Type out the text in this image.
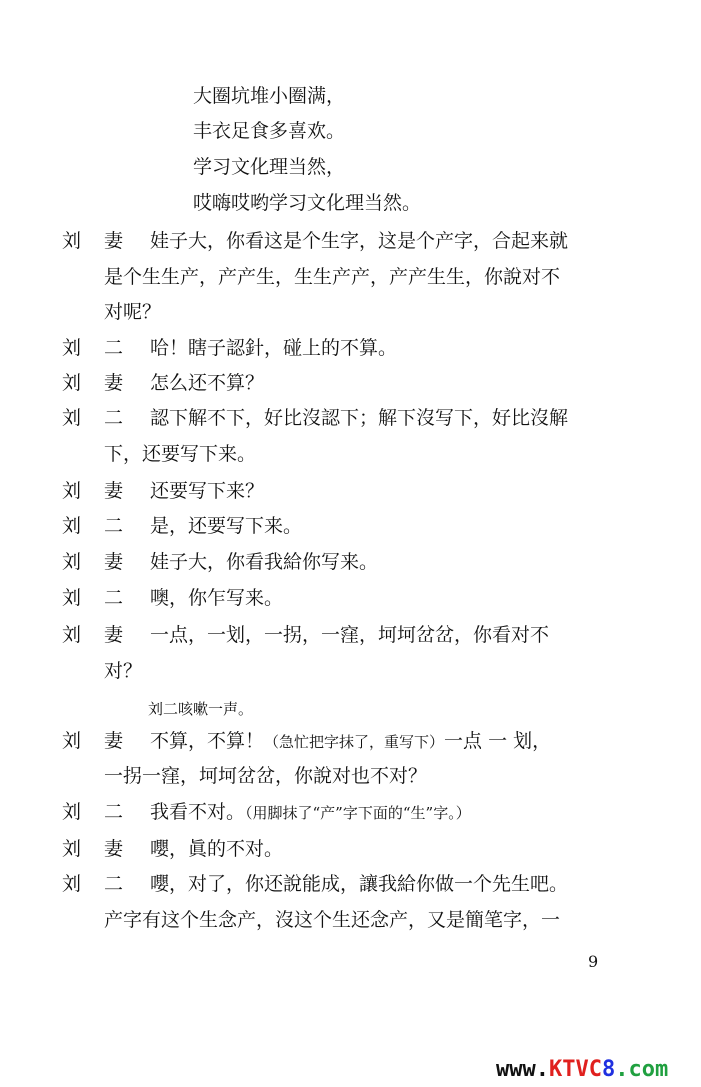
大圈坑堆小圈满，
丰衣足食多喜欢。
学习文化理当然，
哎嗨哎哟学习文化理当然。
刘	妻	娃子大，你看这是个生字，这是个产字，合起来就
是个生生产，产产生，生生产产，产产生生，你說对不
对呢？
刘	二	哈！瞎子認針，碰上的不算。
刘	妻	怎么还不算？
刘	二	認下解不下，好比沒認下；解下沒写下，好比沒解
下，还要写下来。
刘	妻	还要写下来？
刘	二	是，还要写下来。
刘	妻	娃子大，你看我給你写来。
刘	二	噢，你乍写来。
刘	妻	一点，一划，一拐，一窪，坷坷岔岔，你看对不
对？
刘二咳嗽一声。
刘	妻	不算，不算！（急忙把字抹了，重写下）一点 一 划，
一拐一窪，坷坷岔岔，你說对也不对？
刘	二	我看不对。（用脚抹了“产”字下面的“生”字。）
刘	妻	嚶，眞的不对。
刘	二	嚶，对了，你还說能成，讓我給你做一个先生吧。
产字有这个生念产，沒这个生还念产，又是簡笔字，一
9
www.KTVC8.com
